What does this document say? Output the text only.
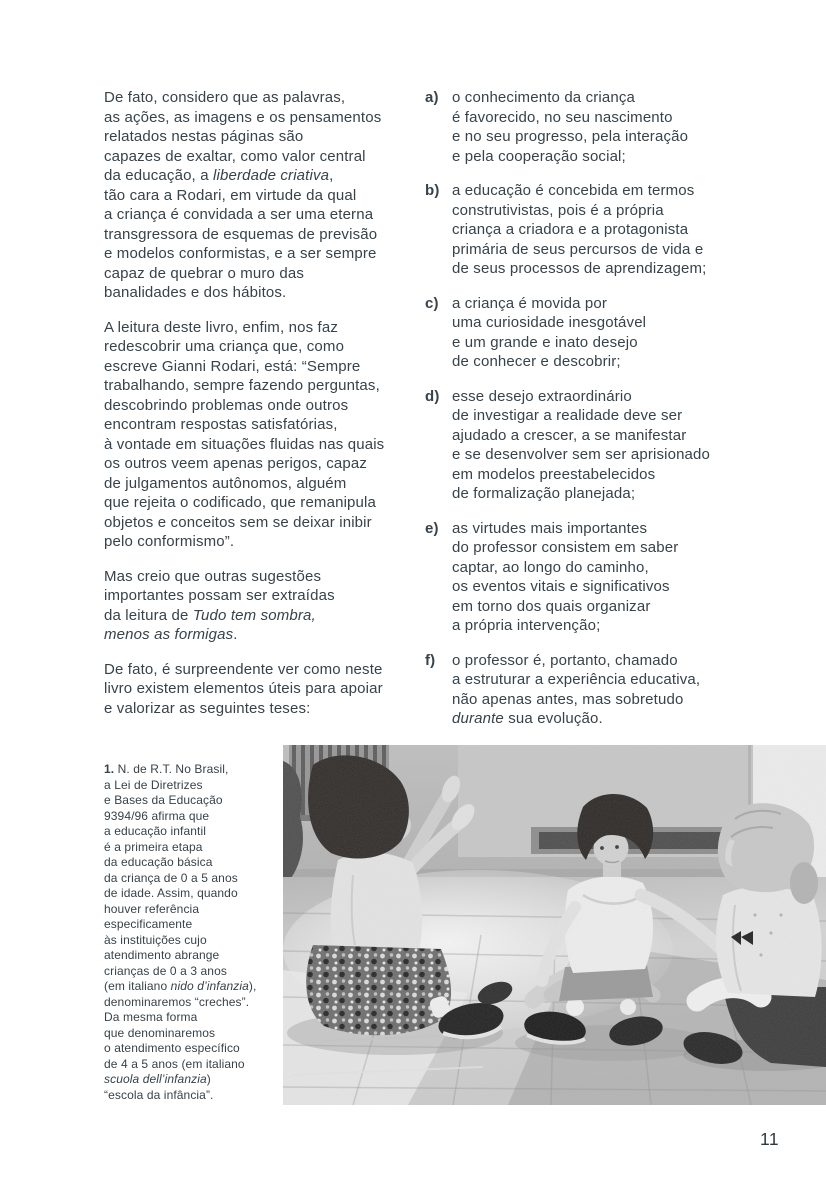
De fato, considero que as palavras,
as ações, as imagens e os pensamentos
relatados nestas páginas são
capazes de exaltar, como valor central
da educação, a liberdade criativa,
tão cara a Rodari, em virtude da qual
a criança é convidada a ser uma eterna
transgressora de esquemas de previsão
e modelos conformistas, e a ser sempre
capaz de quebrar o muro das
banalidades e dos hábitos.

A leitura deste livro, enfim, nos faz
redescobrir uma criança que, como
escreve Gianni Rodari, está: “Sempre
trabalhando, sempre fazendo perguntas,
descobrindo problemas onde outros
encontram respostas satisfatórias,
à vontade em situações fluidas nas quais
os outros veem apenas perigos, capaz
de julgamentos autônomos, alguém
que rejeita o codificado, que remanipula
objetos e conceitos sem se deixar inibir
pelo conformismo”.

Mas creio que outras sugestões
importantes possam ser extraídas
da leitura de Tudo tem sombra,
menos as formigas.

De fato, é surpreendente ver como neste
livro existem elementos úteis para apoiar
e valorizar as seguintes teses:

a) o conhecimento da criança
é favorecido, no seu nascimento
e no seu progresso, pela interação
e pela cooperação social;
b) a educação é concebida em termos
construtivistas, pois é a própria
criança a criadora e a protagonista
primária de seus percursos de vida e
de seus processos de aprendizagem;
c) a criança é movida por
uma curiosidade inesgotável
e um grande e inato desejo
de conhecer e descobrir;
d) esse desejo extraordinário
de investigar a realidade deve ser
ajudado a crescer, a se manifestar
e se desenvolver sem ser aprisionado
em modelos preestabelecidos
de formalização planejada;
e) as virtudes mais importantes
do professor consistem em saber
captar, ao longo do caminho,
os eventos vitais e significativos
em torno dos quais organizar
a própria intervenção;
f)	o professor é, portanto, chamado
a estruturar a experiência educativa,
não apenas antes, mas sobretudo
durante sua evolução.
1. N. de R.T. No Brasil,
a Lei de Diretrizes
e Bases da Educação
9394/96 afirma que
a educação infantil
é a primeira etapa
da educação básica
da criança de 0 a 5 anos
de idade. Assim, quando
houver referência
especificamente
às instituições cujo
atendimento abrange
crianças de 0 a 3 anos
(em italiano nido d’infanzia),
denominaremos “creches”.
Da mesma forma
que denominaremos
o atendimento específico
de 4 a 5 anos (em italiano
scuola dell’infanzia)
“escola da infância”.
11
